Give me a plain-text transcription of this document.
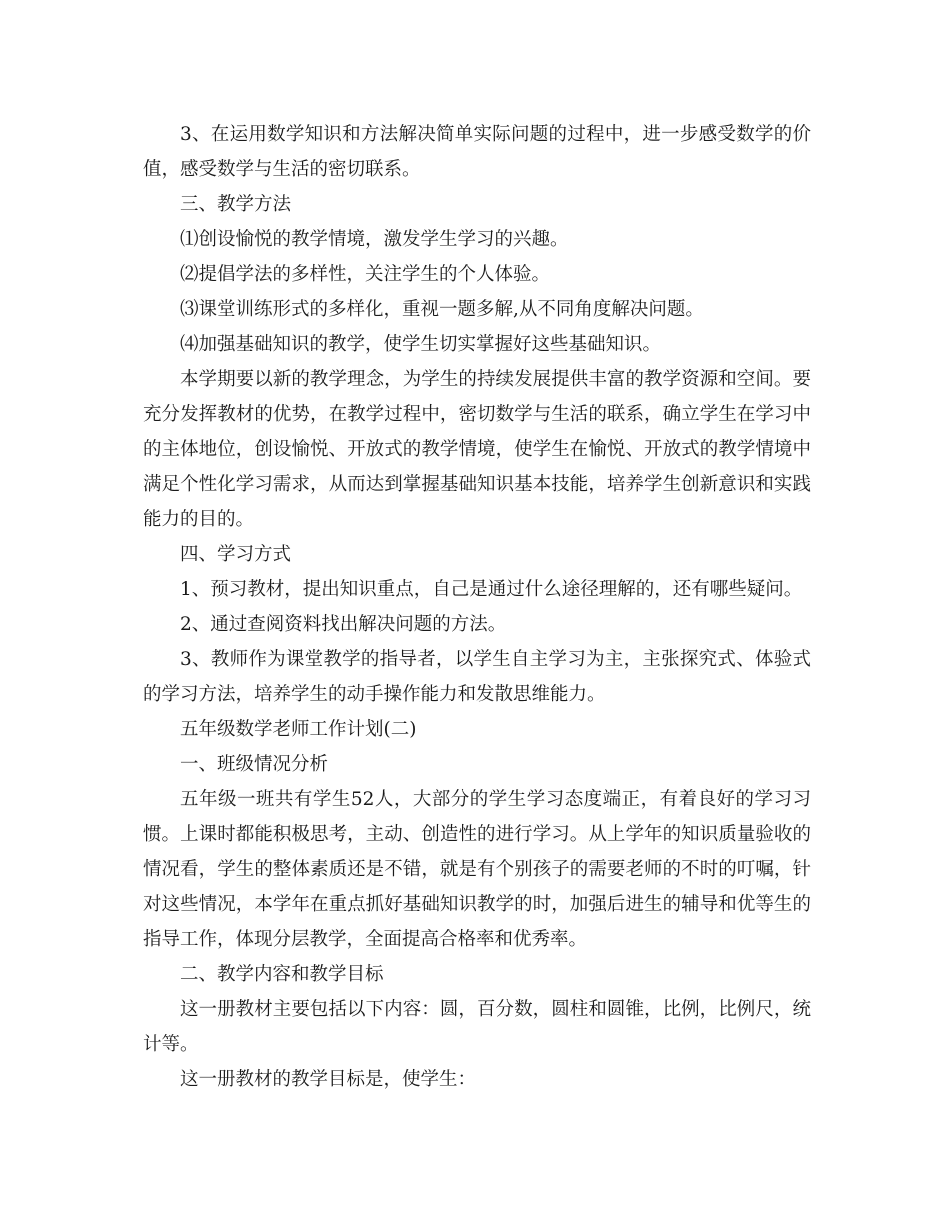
3、在运用数学知识和方法解决简单实际问题的过程中，进一步感受数学的价值，感受数学与生活的密切联系。

三、教学方法

⑴创设愉悦的教学情境，激发学生学习的兴趣。

⑵提倡学法的多样性，关注学生的个人体验。

⑶课堂训练形式的多样化，重视一题多解,从不同角度解决问题。

⑷加强基础知识的教学，使学生切实掌握好这些基础知识。

本学期要以新的教学理念，为学生的持续发展提供丰富的教学资源和空间。要充分发挥教材的优势，在教学过程中，密切数学与生活的联系，确立学生在学习中的主体地位，创设愉悦、开放式的教学情境，使学生在愉悦、开放式的教学情境中满足个性化学习需求，从而达到掌握基础知识基本技能，培养学生创新意识和实践能力的目的。

四、学习方式

1、预习教材，提出知识重点，自己是通过什么途径理解的，还有哪些疑问。

2、通过查阅资料找出解决问题的方法。

3、教师作为课堂教学的指导者，以学生自主学习为主，主张探究式、体验式的学习方法，培养学生的动手操作能力和发散思维能力。

五年级数学老师工作计划(二)

一、班级情况分析

五年级一班共有学生52人，大部分的学生学习态度端正，有着良好的学习习惯。上课时都能积极思考，主动、创造性的进行学习。从上学年的知识质量验收的情况看，学生的整体素质还是不错，就是有个别孩子的需要老师的不时的叮嘱，针对这些情况，本学年在重点抓好基础知识教学的时，加强后进生的辅导和优等生的指导工作，体现分层教学，全面提高合格率和优秀率。

二、教学内容和教学目标

这一册教材主要包括以下内容：圆，百分数，圆柱和圆锥，比例，比例尺，统计等。

这一册教材的教学目标是，使学生：
